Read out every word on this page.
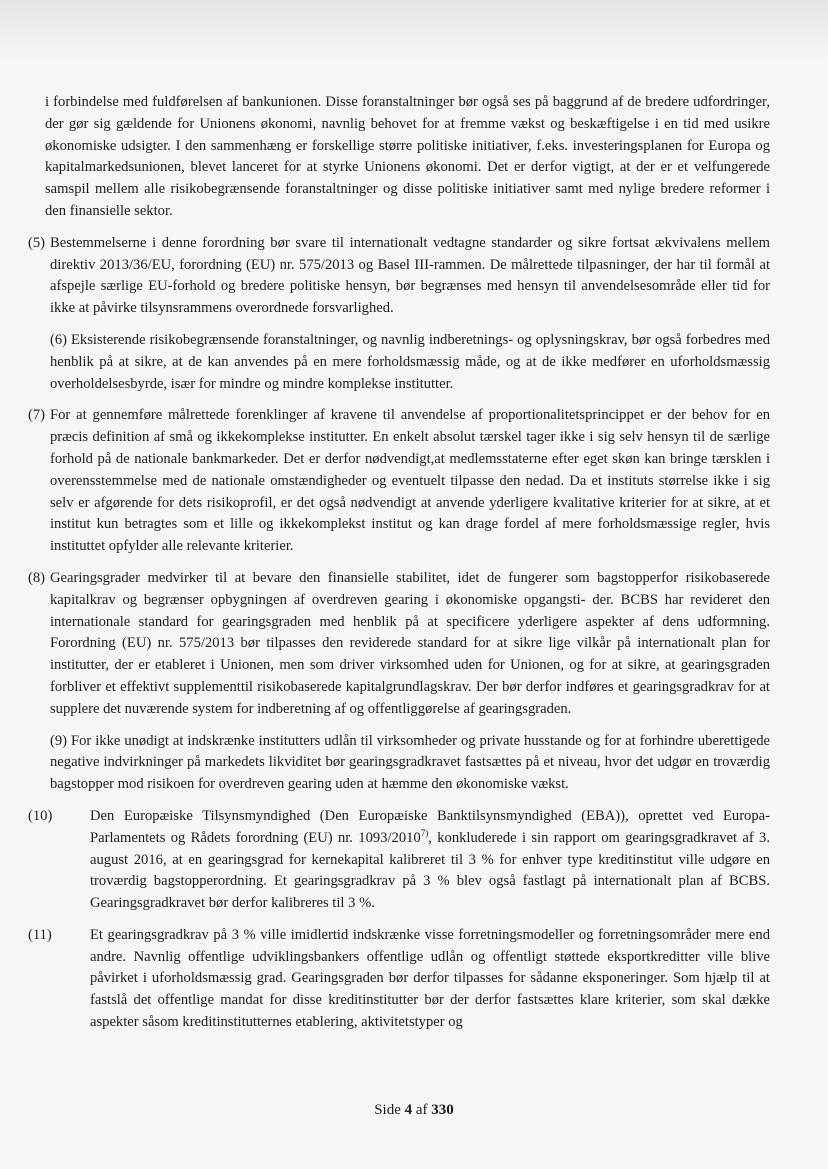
i forbindelse med fuldførelsen af bankunionen. Disse foranstaltninger bør også ses på baggrund af de bredere udfordringer, der gør sig gældende for Unionens økonomi, navnlig behovet for at fremme vækst og beskæftigelse i en tid med usikre økonomiske udsigter. I den sammenhæng er forskellige større politiske initiativer, f.eks. investeringsplanen for Europa og kapitalmarkedsunionen, blevet lanceret for at styrke Unionens økonomi. Det er derfor vigtigt, at der er et velfungerede samspil mellem alle risikobegrænsende foranstaltninger og disse politiske initiativer samt med nylige bredere reformer i den finansielle sektor.

(5) Bestemmelserne i denne forordning bør svare til internationalt vedtagne standarder og sikre fortsat ækvivalens mellem direktiv 2013/36/EU, forordning (EU) nr. 575/2013 og Basel III-rammen. De målrettede tilpasninger, der har til formål at afspejle særlige EU-forhold og bredere politiske hensyn, bør begrænses med hensyn til anvendelsesområde eller tid for ikke at påvirke tilsynsrammens overordnede forsvarlighed.

(6) Eksisterende risikobegrænsende foranstaltninger, og navnlig indberetnings- og oplysningskrav, bør også forbedres med henblik på at sikre, at de kan anvendes på en mere forholdsmæssig måde, og at de ikke medfører en uforholdsmæssig overholdelsesbyrde, især for mindre og mindre komplekse institutter.

(7) For at gennemføre målrettede forenklinger af kravene til anvendelse af proportionalitetsprincippet er der behov for en præcis definition af små og ikkekomplekse institutter. En enkelt absolut tærskel tager ikke i sig selv hensyn til de særlige forhold på de nationale bankmarkeder. Det er derfor nødvendigt,at medlemsstaterne efter eget skøn kan bringe tærsklen i overensstemmelse med de nationale omstændigheder og eventuelt tilpasse den nedad. Da et instituts størrelse ikke i sig selv er afgørende for dets risikoprofil, er det også nødvendigt at anvende yderligere kvalitative kriterier for at sikre, at et institut kun betragtes som et lille og ikkekomplekst institut og kan drage fordel af mere forholdsmæssige regler, hvis instituttet opfylder alle relevante kriterier.
(8) Gearingsgrader medvirker til at bevare den finansielle stabilitet, idet de fungerer som bagstopperfor risikobaserede kapitalkrav og begrænser opbygningen af overdreven gearing i økonomiske opgangsti- der. BCBS har revideret den internationale standard for gearingsgraden med henblik på at specificere yderligere aspekter af dens udformning. Forordning (EU) nr. 575/2013 bør tilpasses den reviderede standard for at sikre lige vilkår på internationalt plan for institutter, der er etableret i Unionen, men som driver virksomhed uden for Unionen, og for at sikre, at gearingsgraden forbliver et effektivt supplementtil risikobaserede kapitalgrundlagskrav. Der bør derfor indføres et gearingsgradkrav for at supplere det nuværende system for indberetning af og offentliggørelse af gearingsgraden.

(9) For ikke unødigt at indskrænke institutters udlån til virksomheder og private husstande og for at forhindre uberettigede negative indvirkninger på markedets likviditet bør gearingsgradkravet fastsættes på et niveau, hvor det udgør en troværdig bagstopper mod risikoen for overdreven gearing uden at hæmme den økonomiske vækst.

(10)	Den Europæiske Tilsynsmyndighed (Den Europæiske Banktilsynsmyndighed (EBA)), oprettet ved Europa-Parlamentets og Rådets forordning (EU) nr. 1093/2010$^{7)}$, konkluderede i sin rapport om gearingsgradkravet af 3. august 2016, at en gearingsgrad for kernekapital kalibreret til 3 % for enhver type kreditinstitut ville udgøre en troværdig bagstopperordning. Et gearingsgradkrav på 3 % blev også fastlagt på internationalt plan af BCBS. Gearingsgradkravet bør derfor kalibreres til 3 %.
(11)	Et gearingsgradkrav på 3 % ville imidlertid indskrænke visse forretningsmodeller og forretningsområder mere end andre. Navnlig offentlige udviklingsbankers offentlige udlån og offentligt støttede eksportkreditter ville blive påvirket i uforholdsmæssig grad. Gearingsgraden bør derfor tilpasses for sådanne eksponeringer. Som hjælp til at fastslå det offentlige mandat for disse kreditinstitutter bør der derfor fastsættes klare kriterier, som skal dække aspekter såsom kreditinstitutternes etablering, aktivitetstyper og
Side 4 af 330
